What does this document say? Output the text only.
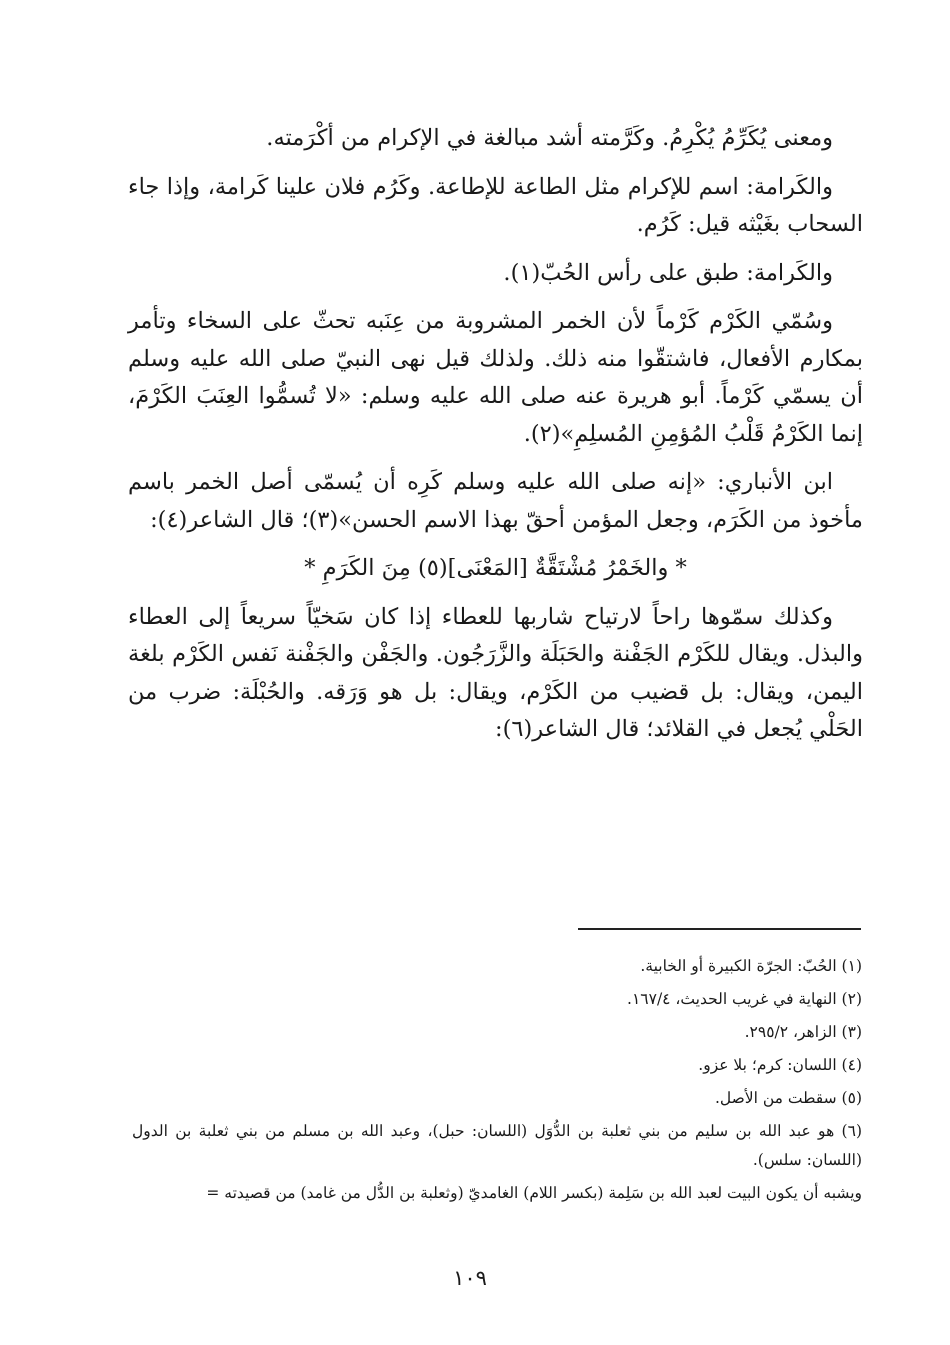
ومعنى يُكَرِّمُ يُكْرِمُ. وكَرَّمته أشد مبالغة في الإكرام من أكْرَمته.

والكَرامة: اسم للإكرام مثل الطاعة للإطاعة. وكَرُم فلان علينا كَرامة، وإذا جاء السحاب بغَيْثه قيل: كَرُم.

والكَرامة: طبق على رأس الحُبّ(١).

وسُمّي الكَرْم كَرْماً لأن الخمر المشروبة من عِنَبه تحثّ على السخاء وتأمر بمكارم الأفعال، فاشتقّوا منه ذلك. ولذلك قيل نهى النبيّ صلى الله عليه وسلم أن يسمّي كَرْماً. أبو هريرة عنه صلى الله عليه وسلم: «لا تُسمُّوا العِنَبَ الكَرْمَ، إنما الكَرْمُ قَلْبُ المُؤمِنِ المُسلِمِ»(٢).

ابن الأنباري: «إنه صلى الله عليه وسلم كَرِه أن يُسمّى أصل الخمر باسم مأخوذ من الكَرَم، وجعل المؤمن أحقّ بهذا الاسم الحسن»(٣)؛ قال الشاعر(٤):

* والخَمْرُ مُشْتَقَّةٌ [المَعْنَى](٥) مِنَ الكَرَمِ *

وكذلك سمّوها راحاً لارتياح شاربها للعطاء إذا كان سَخيّاً سريعاً إلى العطاء والبذل. ويقال للكَرْم الجَفْنة والحَبَلَة والزَّرَجُون. والجَفْن والجَفْنة نَفس الكَرْم بلغة اليمن، ويقال: بل قضيب من الكَرْم، ويقال: بل هو وَرَقه. والحُبْلَة: ضرب من الحَلْي يُجعل في القلائد؛ قال الشاعر(٦):

(١) الحُبّ: الجرّة الكبيرة أو الخابية.

(٢) النهاية في غريب الحديث، ١٦٧/٤.

(٣) الزاهر، ٢٩٥/٢.

(٤) اللسان: كرم؛ بلا عزو.

(٥) سقطت من الأصل.

(٦) هو عبد الله بن سليم من بني ثعلبة بن الدُّوَل (اللسان: حبل)، وعبد الله بن مسلم من بني ثعلبة بن الدول (اللسان: سلس).

ويشبه أن يكون البيت لعبد الله بن سَلِمة (بكسر اللام) الغامديّ (وثعلبة بن الدُّل من غامد) من قصيدته =

١٠٩
